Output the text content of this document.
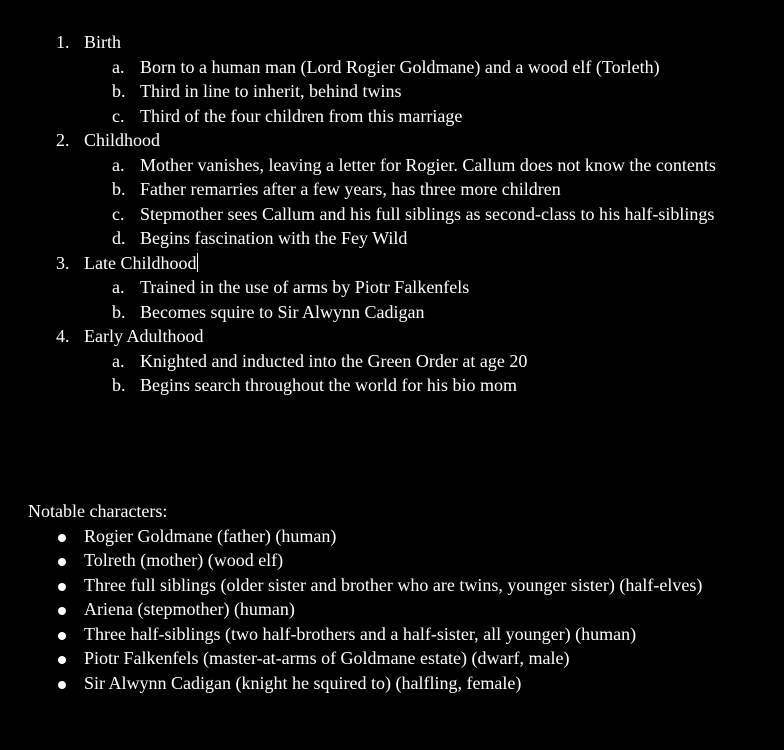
1. Birth
a. Born to a human man (Lord Rogier Goldmane) and a wood elf (Torleth)
b. Third in line to inherit, behind twins
c. Third of the four children from this marriage
2. Childhood
a. Mother vanishes, leaving a letter for Rogier. Callum does not know the contents
b. Father remarries after a few years, has three more children
c. Stepmother sees Callum and his full siblings as second-class to his half-siblings
d. Begins fascination with the Fey Wild
3. Late Childhood
a. Trained in the use of arms by Piotr Falkenfels
b. Becomes squire to Sir Alwynn Cadigan
4. Early Adulthood
a. Knighted and inducted into the Green Order at age 20
b. Begins search throughout the world for his bio mom
Notable characters:
Rogier Goldmane (father) (human)
Tolreth (mother) (wood elf)
Three full siblings (older sister and brother who are twins, younger sister) (half-elves)
Ariena (stepmother) (human)
Three half-siblings (two half-brothers and a half-sister, all younger) (human)
Piotr Falkenfels (master-at-arms of Goldmane estate) (dwarf, male)
Sir Alwynn Cadigan (knight he squired to) (halfling, female)
